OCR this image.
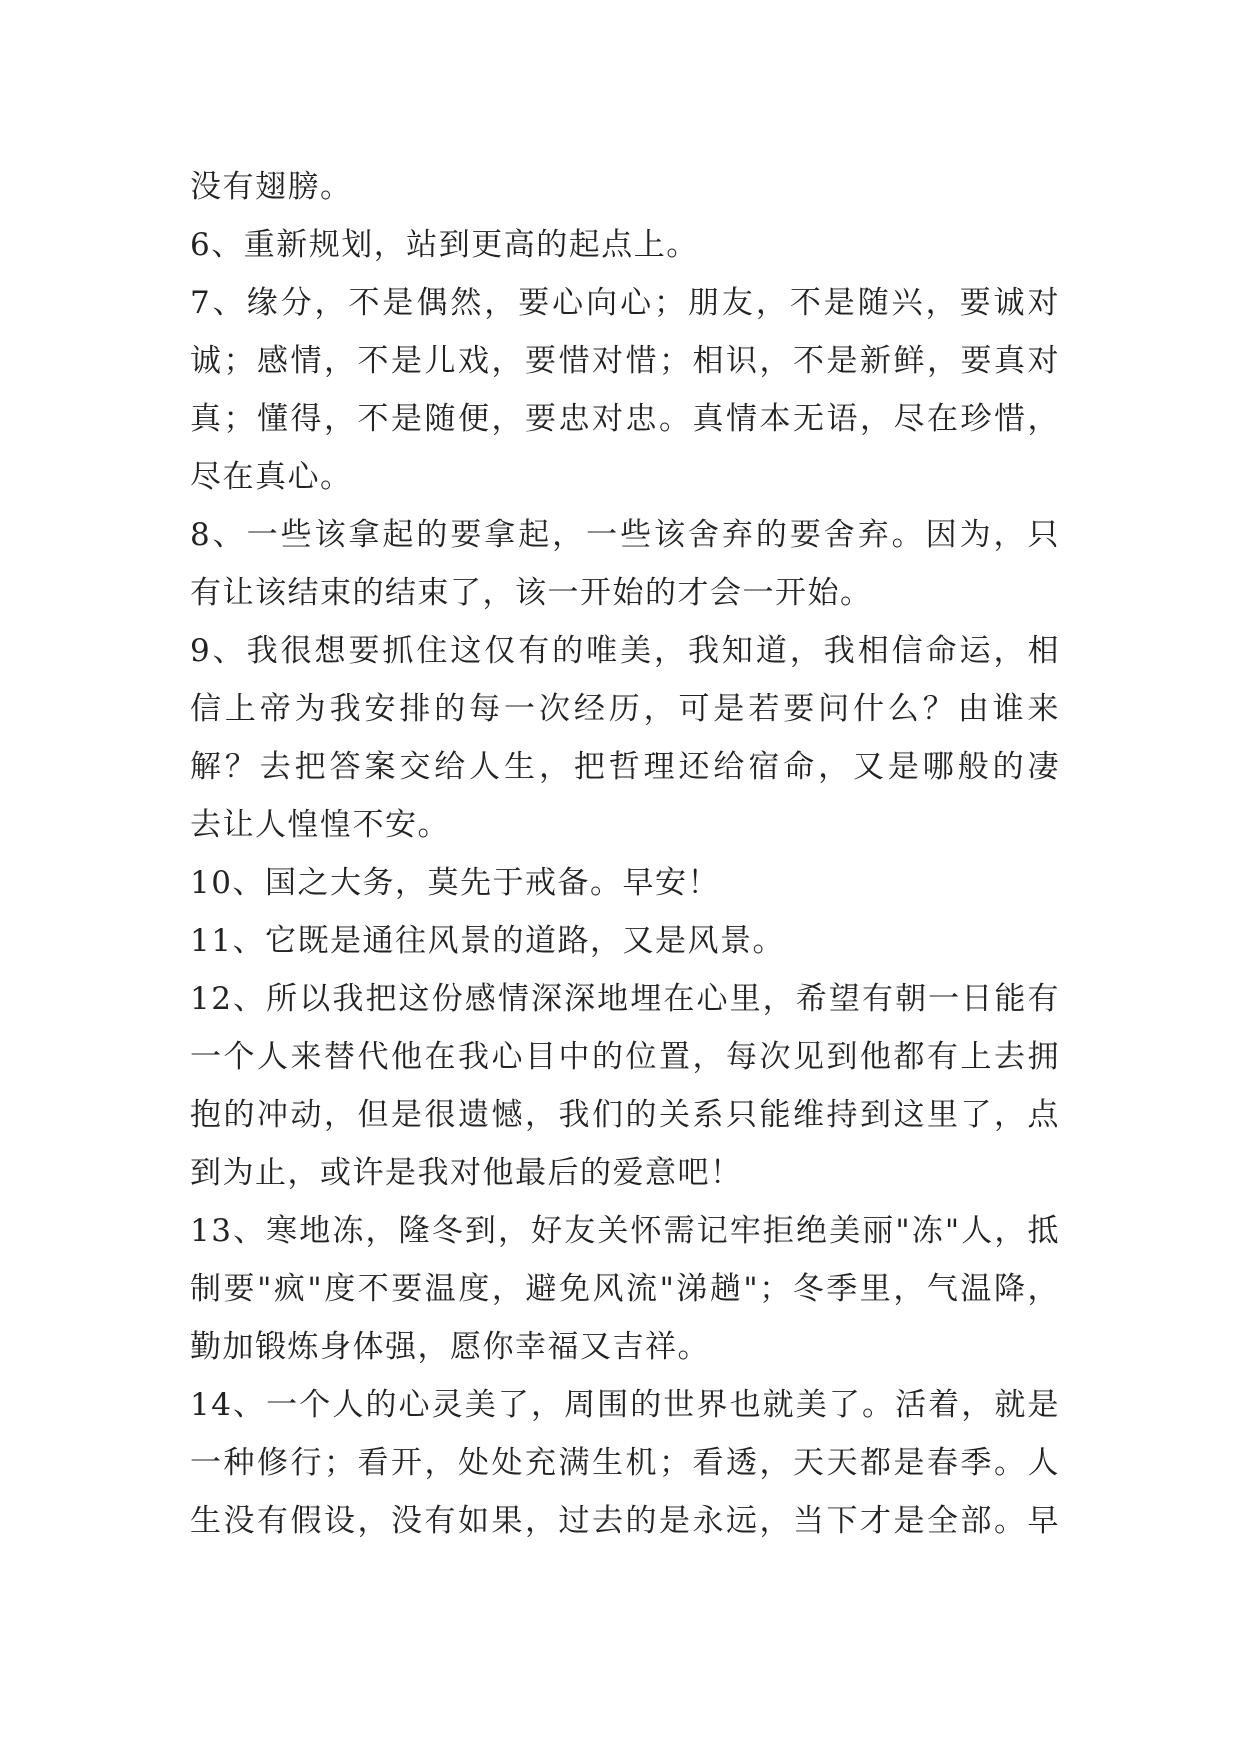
没有翅膀。
6、重新规划，站到更高的起点上。
7、缘分，不是偶然，要心向心；朋友，不是随兴，要诚对
诚；感情，不是儿戏，要惜对惜；相识，不是新鲜，要真对
真；懂得，不是随便，要忠对忠。真情本无语，尽在珍惜，
尽在真心。
8、一些该拿起的要拿起，一些该舍弃的要舍弃。因为，只
有让该结束的结束了，该一开始的才会一开始。
9、我很想要抓住这仅有的唯美，我知道，我相信命运，相
信上帝为我安排的每一次经历，可是若要问什么？由谁来
解？去把答案交给人生，把哲理还给宿命，又是哪般的凄
去让人惶惶不安。
10、国之大务，莫先于戒备。早安！
11、它既是通往风景的道路，又是风景。
12、所以我把这份感情深深地埋在心里，希望有朝一日能有
一个人来替代他在我心目中的位置，每次见到他都有上去拥
抱的冲动，但是很遗憾，我们的关系只能维持到这里了，点
到为止，或许是我对他最后的爱意吧！
13、寒地冻，隆冬到，好友关怀需记牢拒绝美丽"冻"人，抵
制要"疯"度不要温度，避免风流"涕趟"；冬季里，气温降，
勤加锻炼身体强，愿你幸福又吉祥。
14、一个人的心灵美了，周围的世界也就美了。活着，就是
一种修行；看开，处处充满生机；看透，天天都是春季。人
生没有假设，没有如果，过去的是永远，当下才是全部。早
